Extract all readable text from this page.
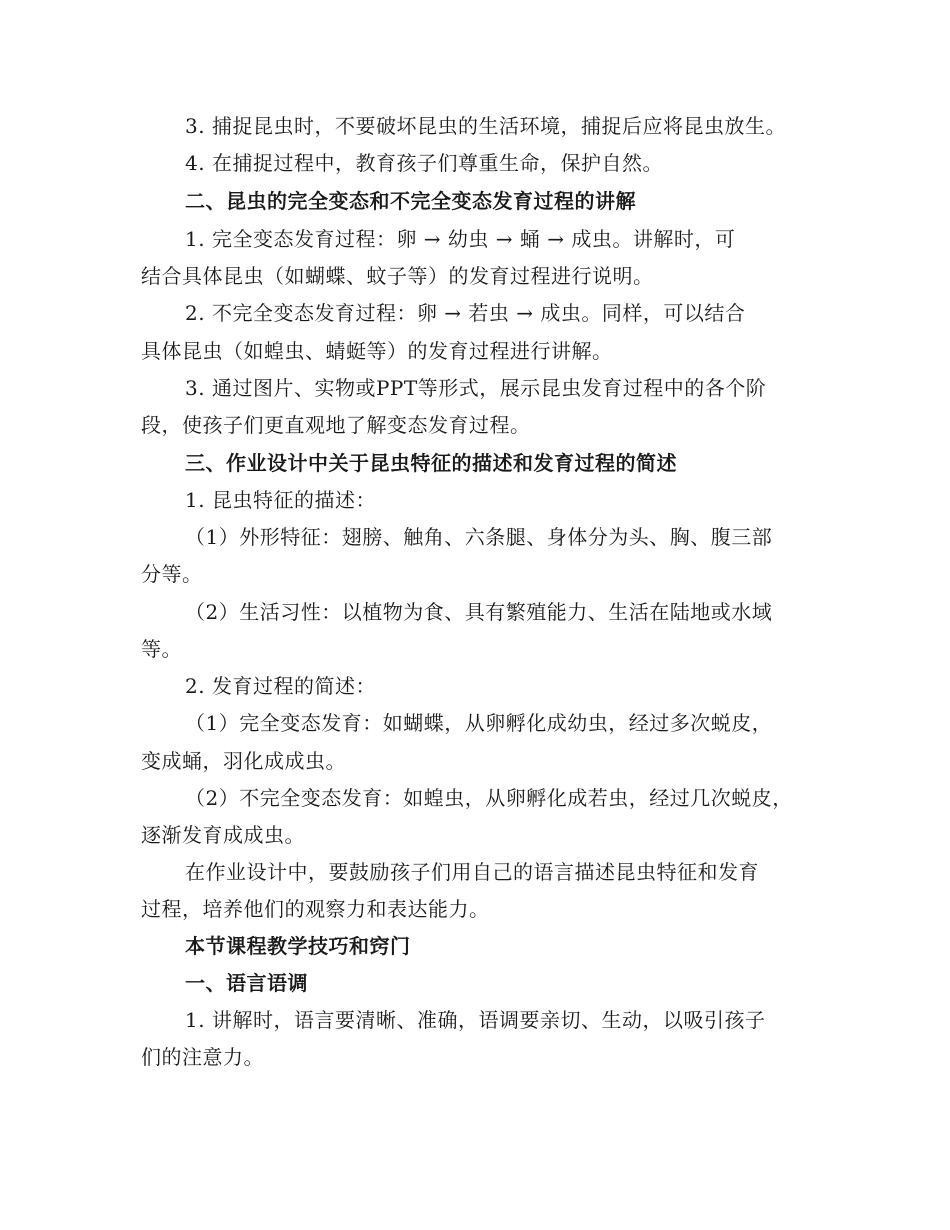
3. 捕捉昆虫时，不要破坏昆虫的生活环境，捕捉后应将昆虫放生。
4. 在捕捉过程中，教育孩子们尊重生命，保护自然。
二、昆虫的完全变态和不完全变态发育过程的讲解
1. 完全变态发育过程：卵 → 幼虫 → 蛹 → 成虫。讲解时，可
结合具体昆虫（如蝴蝶、蚊子等）的发育过程进行说明。
2. 不完全变态发育过程：卵 → 若虫 → 成虫。同样，可以结合
具体昆虫（如蝗虫、蜻蜓等）的发育过程进行讲解。
3. 通过图片、实物或PPT等形式，展示昆虫发育过程中的各个阶
段，使孩子们更直观地了解变态发育过程。
三、作业设计中关于昆虫特征的描述和发育过程的简述
1. 昆虫特征的描述：
（1）外形特征：翅膀、触角、六条腿、身体分为头、胸、腹三部
分等。
（2）生活习性：以植物为食、具有繁殖能力、生活在陆地或水域
等。
2. 发育过程的简述：
（1）完全变态发育：如蝴蝶，从卵孵化成幼虫，经过多次蜕皮，
变成蛹，羽化成成虫。
（2）不完全变态发育：如蝗虫，从卵孵化成若虫，经过几次蜕皮，
逐渐发育成成虫。
在作业设计中，要鼓励孩子们用自己的语言描述昆虫特征和发育
过程，培养他们的观察力和表达能力。
本节课程教学技巧和窍门
一、语言语调
1. 讲解时，语言要清晰、准确，语调要亲切、生动，以吸引孩子
们的注意力。
